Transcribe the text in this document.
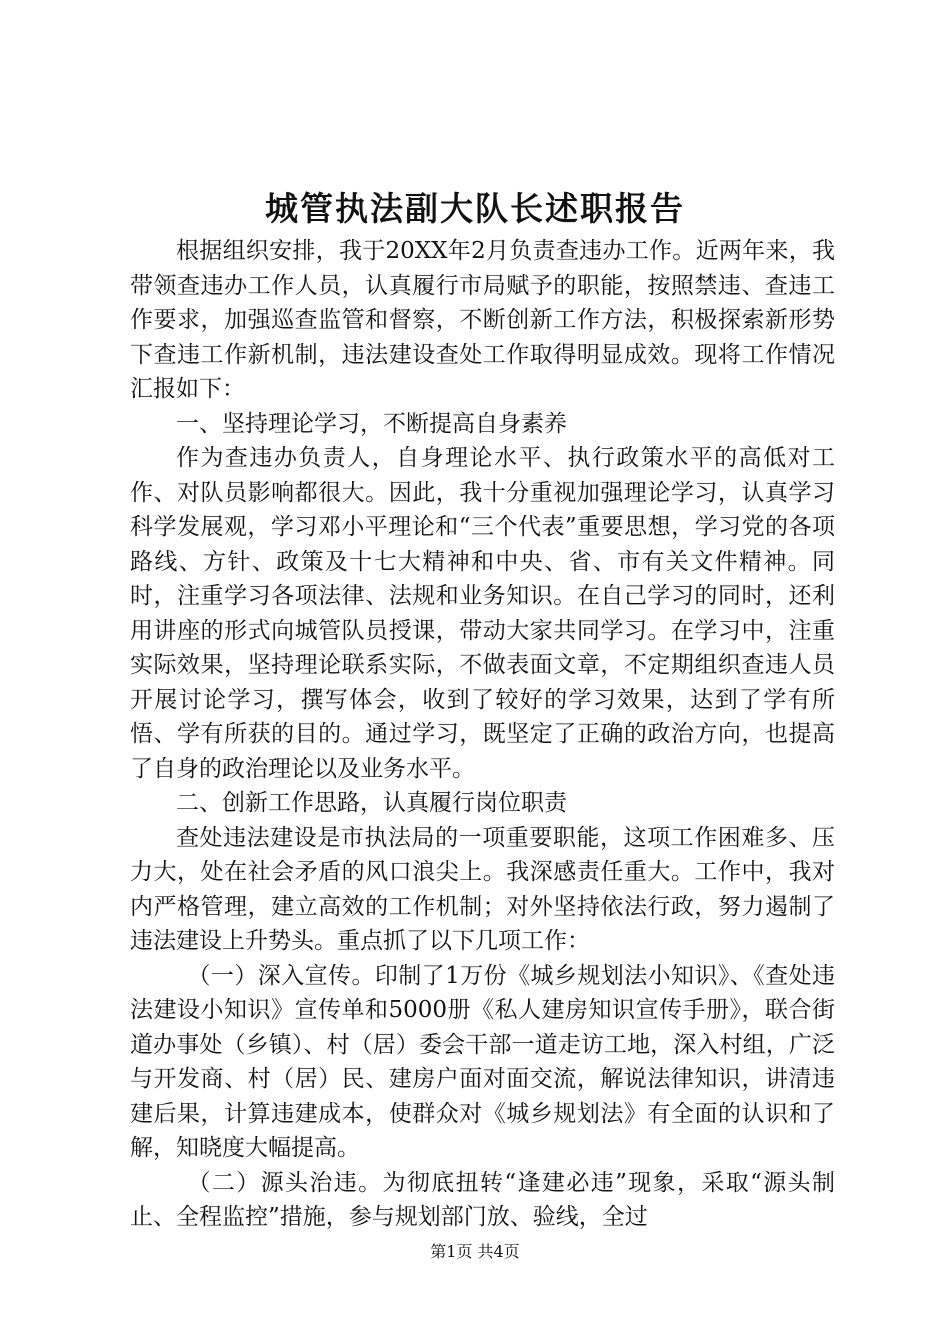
城管执法副大队长述职报告

根据组织安排，我于20XX年2月负责查违办工作。近两年来，我带领查违办工作人员，认真履行市局赋予的职能，按照禁违、查违工作要求，加强巡查监管和督察，不断创新工作方法，积极探索新形势下查违工作新机制，违法建设查处工作取得明显成效。现将工作情况汇报如下：

一、坚持理论学习，不断提高自身素养

作为查违办负责人，自身理论水平、执行政策水平的高低对工作、对队员影响都很大。因此，我十分重视加强理论学习，认真学习科学发展观，学习邓小平理论和“三个代表”重要思想，学习党的各项路线、方针、政策及十七大精神和中央、省、市有关文件精神。同时，注重学习各项法律、法规和业务知识。在自己学习的同时，还利用讲座的形式向城管队员授课，带动大家共同学习。在学习中，注重实际效果，坚持理论联系实际，不做表面文章，不定期组织查违人员开展讨论学习，撰写体会，收到了较好的学习效果，达到了学有所悟、学有所获的目的。通过学习，既坚定了正确的政治方向，也提高了自身的政治理论以及业务水平。

二、创新工作思路，认真履行岗位职责

查处违法建设是市执法局的一项重要职能，这项工作困难多、压力大，处在社会矛盾的风口浪尖上。我深感责任重大。工作中，我对内严格管理，建立高效的工作机制；对外坚持依法行政，努力遏制了违法建设上升势头。重点抓了以下几项工作：

（一）深入宣传。印制了1万份《城乡规划法小知识》、《查处违法建设小知识》宣传单和5000册《私人建房知识宣传手册》，联合街道办事处（乡镇）、村（居）委会干部一道走访工地，深入村组，广泛与开发商、村（居）民、建房户面对面交流，解说法律知识，讲清违建后果，计算违建成本，使群众对《城乡规划法》有全面的认识和了解，知晓度大幅提高。

（二）源头治违。为彻底扭转“逢建必违”现象，采取“源头制止、全程监控”措施，参与规划部门放、验线，全过

第1页 共4页
